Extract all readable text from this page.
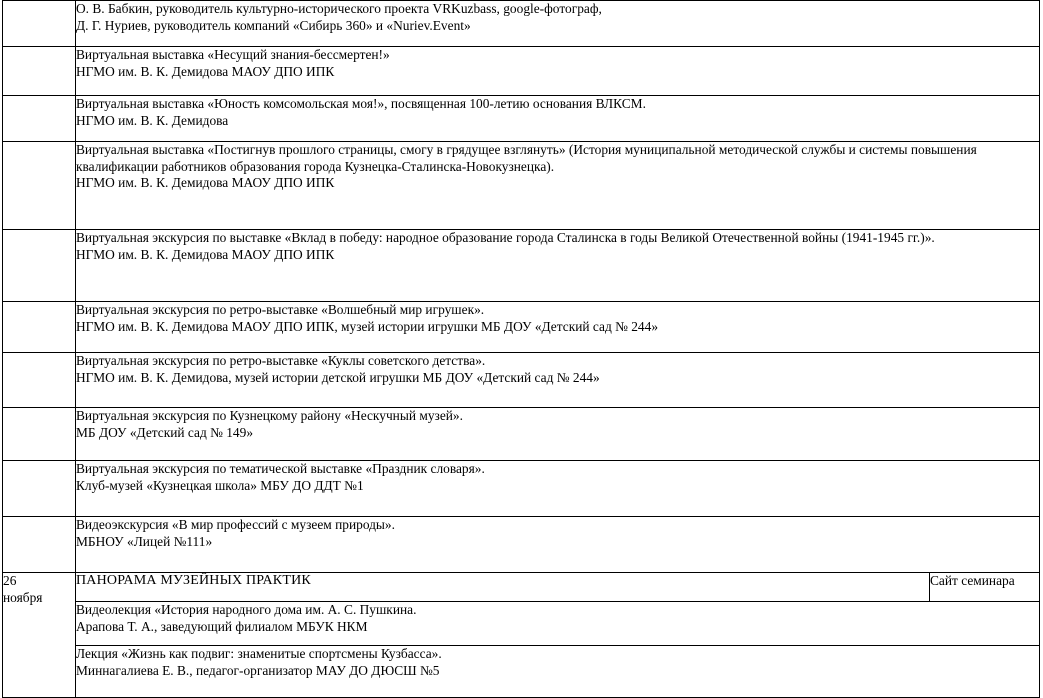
	О. В. Бабкин, руководитель культурно-исторического проекта VRKuzbass, google-фотограф,
Д. Г. Нуриев, руководитель компаний «Сибирь 360» и «Nuriev.Event»	

	Виртуальная выставка «Несущий знания-бессмертен!»
НГМО им. В. К. Демидова МАОУ ДПО ИПК	

	Виртуальная выставка «Юность комсомольская моя!», посвященная 100-летию основания ВЛКСМ.
НГМО им. В. К. Демидова	

	Виртуальная выставка «Постигнув прошлого страницы, смогу в грядущее взглянуть» (История муниципальной методической службы и системы повышения квалификации работников образования города Кузнецка-Сталинска-Новокузнецка).
НГМО им. В. К. Демидова МАОУ ДПО ИПК	

	Виртуальная экскурсия по выставке «Вклад в победу: народное образование города Сталинска в годы Великой Отечественной войны (1941-1945 гг.)».
НГМО им. В. К. Демидова МАОУ ДПО ИПК	

	Виртуальная экскурсия по ретро-выставке «Волшебный мир игрушек».
НГМО им. В. К. Демидова МАОУ ДПО ИПК, музей истории игрушки МБ ДОУ «Детский сад № 244»	

	Виртуальная экскурсия по ретро-выставке «Куклы советского детства».
НГМО им. В. К. Демидова, музей истории детской игрушки МБ ДОУ «Детский сад № 244»	

	Виртуальная экскурсия по Кузнецкому району «Нескучный музей».
МБ ДОУ «Детский сад № 149»	

	Виртуальная экскурсия по тематической выставке «Праздник словаря».
Клуб-музей «Кузнецкая школа» МБУ ДО ДДТ №1	

	Видеоэкскурсия «В мир профессий с музеем природы».
МБНОУ «Лицей №111»	

26
ноября	ПАНОРАМА МУЗЕЙНЫХ ПРАКТИК	Сайт семинара

	Видеолекция «История народного дома им. А. С. Пушкина.
Арапова Т. А., заведующий филиалом МБУК НКМ	

	Лекция «Жизнь как подвиг: знаменитые спортсмены Кузбасса».
Миннагалиева Е. В., педагог-организатор МАУ ДО ДЮСШ №5	
